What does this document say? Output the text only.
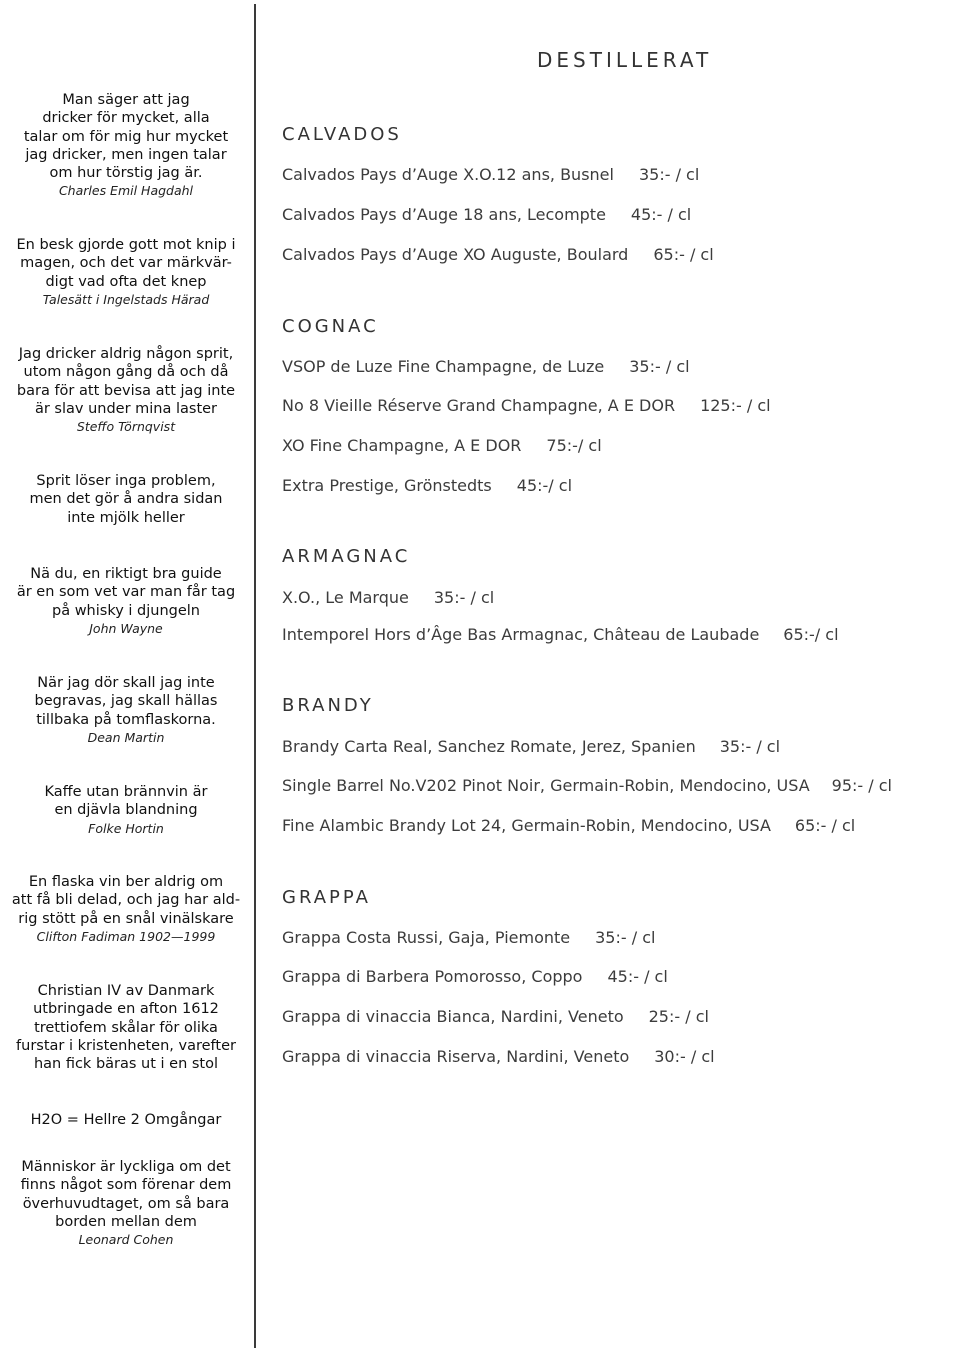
DESTILLERAT
Man säger att jag
dricker för mycket, alla
talar om för mig hur mycket
jag dricker, men ingen talar
om hur törstig jag är.
Charles Emil Hagdahl
En besk gjorde gott mot knip i
magen, och det var märkvär-
digt vad ofta det knep
Talesätt i Ingelstads Härad
Jag dricker aldrig någon sprit,
utom någon gång då och då
bara för att bevisa att jag inte
är slav under mina laster
Steffo Törnqvist
Sprit löser inga problem,
men det gör å andra sidan
inte mjölk heller
Nä du, en riktigt bra guide
är en som vet var man får tag
på whisky i djungeln
John Wayne
När jag dör skall jag inte
begravas, jag skall hällas
tillbaka på tomflaskorna.
Dean Martin
Kaffe utan brännvin är
en djävla blandning
Folke Hortin
En flaska vin ber aldrig om
att få bli delad, och jag har ald-
rig stött på en snål vinälskare
Clifton Fadiman 1902—1999
Christian IV av Danmark
utbringade en afton 1612
trettiofem skålar för olika
furstar i kristenheten, varefter
han fick bäras ut i en stol
H2O = Hellre 2 Omgångar
Människor är lyckliga om det
finns något som förenar dem
överhuvudtaget, om så bara
borden mellan dem
Leonard Cohen
CALVADOS
Calvados Pays d’Auge X.O.12 ans, Busnel 35:- / cl
Calvados Pays d’Auge 18 ans, Lecompte 45:- / cl
Calvados Pays d’Auge XO Auguste, Boulard 65:- / cl
COGNAC
VSOP de Luze Fine Champagne, de Luze 35:- / cl
No 8 Vieille Réserve Grand Champagne, A E DOR 125:- / cl
XO Fine Champagne, A E DOR 75:-/ cl
Extra Prestige, Grönstedts 45:-/ cl
ARMAGNAC
X.O., Le Marque 35:- / cl
Intemporel Hors d’Âge Bas Armagnac, Château de Laubade 65:-/ cl
BRANDY
Brandy Carta Real, Sanchez Romate, Jerez, Spanien 35:- / cl
Single Barrel No.V202 Pinot Noir, Germain-Robin, Mendocino, USA 95:- / cl
Fine Alambic Brandy Lot 24, Germain-Robin, Mendocino, USA 65:- / cl
GRAPPA
Grappa Costa Russi, Gaja, Piemonte 35:- / cl
Grappa di Barbera Pomorosso, Coppo 45:- / cl
Grappa di vinaccia Bianca, Nardini, Veneto 25:- / cl
Grappa di vinaccia Riserva, Nardini, Veneto 30:- / cl
